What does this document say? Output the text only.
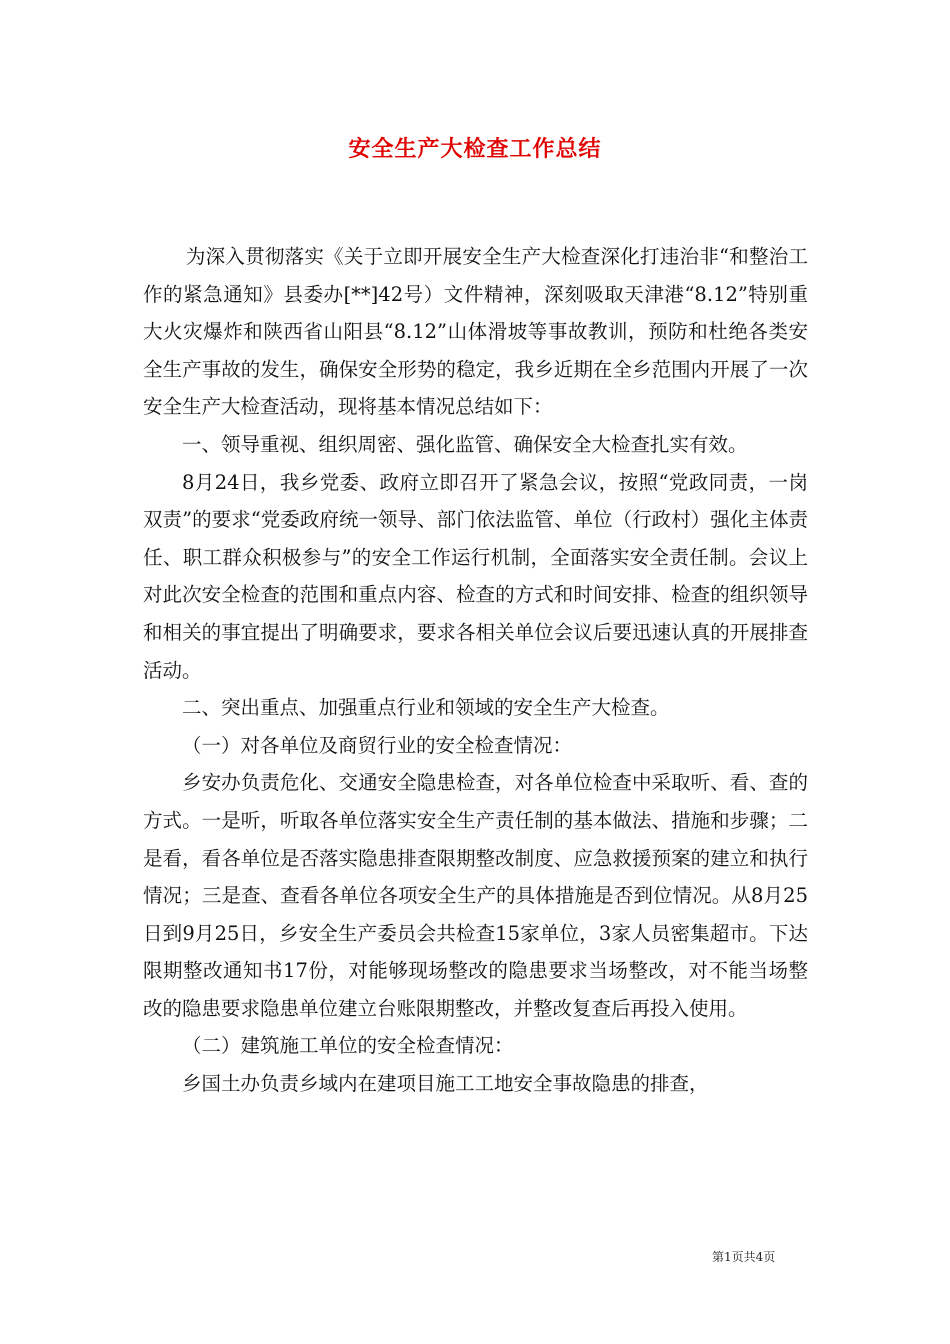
安全生产大检查工作总结

为深入贯彻落实《关于立即开展安全生产大检查深化打违治非“和整治工作的紧急通知》县委办[**]42号）文件精神，深刻吸取天津港“8.12”特别重大火灾爆炸和陕西省山阳县“8.12”山体滑坡等事故教训，预防和杜绝各类安全生产事故的发生，确保安全形势的稳定，我乡近期在全乡范围内开展了一次安全生产大检查活动，现将基本情况总结如下：

一、领导重视、组织周密、强化监管、确保安全大检查扎实有效。

8月24日，我乡党委、政府立即召开了紧急会议，按照“党政同责，一岗双责”的要求“党委政府统一领导、部门依法监管、单位（行政村）强化主体责任、职工群众积极参与”的安全工作运行机制，全面落实安全责任制。会议上对此次安全检查的范围和重点内容、检查的方式和时间安排、检查的组织领导和相关的事宜提出了明确要求，要求各相关单位会议后要迅速认真的开展排查活动。

二、突出重点、加强重点行业和领域的安全生产大检查。

（一）对各单位及商贸行业的安全检查情况：

乡安办负责危化、交通安全隐患检查，对各单位检查中采取听、看、查的方式。一是听，听取各单位落实安全生产责任制的基本做法、措施和步骤；二是看，看各单位是否落实隐患排查限期整改制度、应急救援预案的建立和执行情况；三是查、查看各单位各项安全生产的具体措施是否到位情况。从8月25日到9月25日，乡安全生产委员会共检查15家单位，3家人员密集超市。下达限期整改通知书17份，对能够现场整改的隐患要求当场整改，对不能当场整改的隐患要求隐患单位建立台账限期整改，并整改复查后再投入使用。

（二）建筑施工单位的安全检查情况：

乡国土办负责乡域内在建项目施工工地安全事故隐患的排查，

第1页共4页
